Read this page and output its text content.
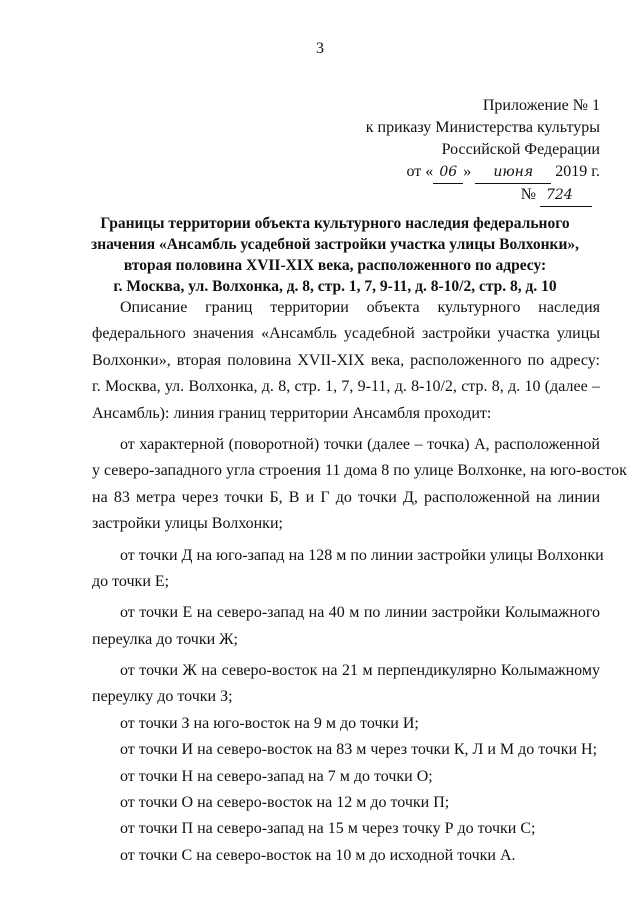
3
Приложение № 1
к приказу Министерства культуры
Российской Федерации
от « 06 » июня 2019 г.
№ 724
Границы территории объекта культурного наследия федерального
значения «Ансамбль усадебной застройки участка улицы Волхонки»,
вторая половина XVII-XIX века, расположенного по адресу:
г. Москва, ул. Волхонка, д. 8, стр. 1, 7, 9-11, д. 8-10/2, стр. 8, д. 10
Описание границ территории объекта культурного наследия
федерального значения «Ансамбль усадебной застройки участка улицы
Волхонки», вторая половина XVII-XIX века, расположенного по адресу:
г. Москва, ул. Волхонка, д. 8, стр. 1, 7, 9-11, д. 8-10/2, стр. 8, д. 10 (далее –
Ансамбль): линия границ территории Ансамбля проходит:
от характерной (поворотной) точки (далее – точка) А, расположенной
у северо-западного угла строения 11 дома 8 по улице Волхонке, на юго-восток
на 83 метра через точки Б, В и Г до точки Д, расположенной на линии
застройки улицы Волхонки;
от точки Д на юго-запад на 128 м по линии застройки улицы Волхонки
до точки Е;
от точки Е на северо-запад на 40 м по линии застройки Колымажного
переулка до точки Ж;
от точки Ж на северо-восток на 21 м перпендикулярно Колымажному
переулку до точки З;
от точки З на юго-восток на 9 м до точки И;
от точки И на северо-восток на 83 м через точки К, Л и М до точки Н;
от точки Н на северо-запад на 7 м до точки О;
от точки О на северо-восток на 12 м до точки П;
от точки П на северо-запад на 15 м через точку Р до точки С;
от точки С на северо-восток на 10 м до исходной точки А.
